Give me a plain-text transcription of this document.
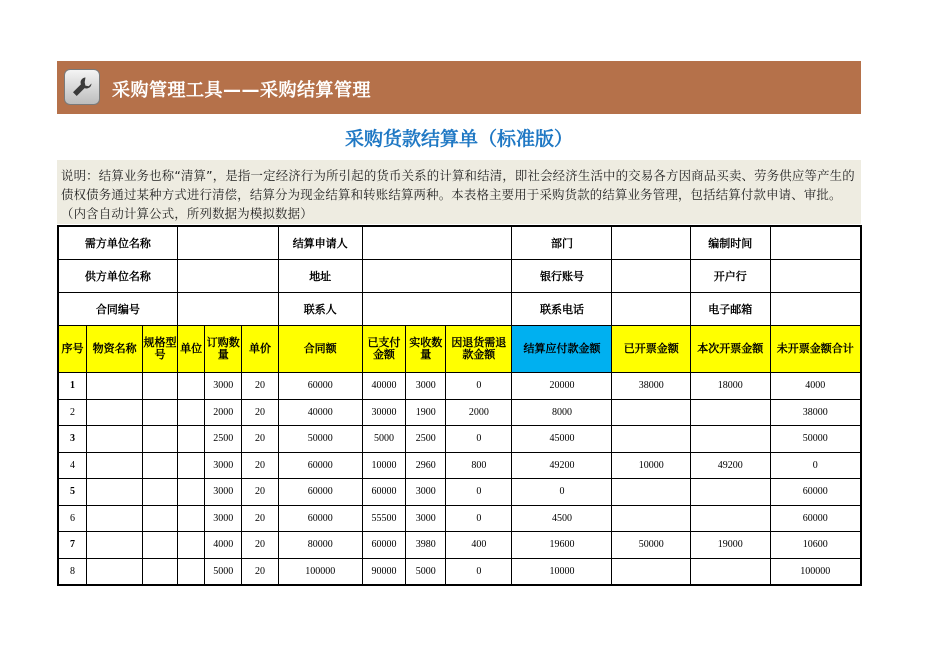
采购管理工具——采购结算管理
采购货款结算单（标准版）
说明：结算业务也称“清算”，是指一定经济行为所引起的货币关系的计算和结清，即社会经济生活中的交易各方因商品买卖、劳务供应等产生的债权债务通过某种方式进行清偿，结算分为现金结算和转账结算两种。本表格主要用于采购货款的结算业务管理，包括结算付款申请、审批。（内含自动计算公式，所列数据为模拟数据）
需方单位名称						结算申请人				部门		编制时间	
供方单位名称						地址				银行账号		开户行	
合同编号						联系人				联系电话		电子邮箱	
序号	物资名称	规格型号	单位	订购数量	单价	合同额	已支付金额	实收数量	因退货需退款金额	结算应付款金额	已开票金额	本次开票金额	未开票金额合计
1				3000	20	60000	40000	3000	0	20000	38000	18000	4000
2				2000	20	40000	30000	1900	2000	8000			38000
3				2500	20	50000	5000	2500	0	45000			50000
4				3000	20	60000	10000	2960	800	49200	10000	49200	0
5				3000	20	60000	60000	3000	0	0			60000
6				3000	20	60000	55500	3000	0	4500			60000
7				4000	20	80000	60000	3980	400	19600	50000	19000	10600
8				5000	20	100000	90000	5000	0	10000			100000
